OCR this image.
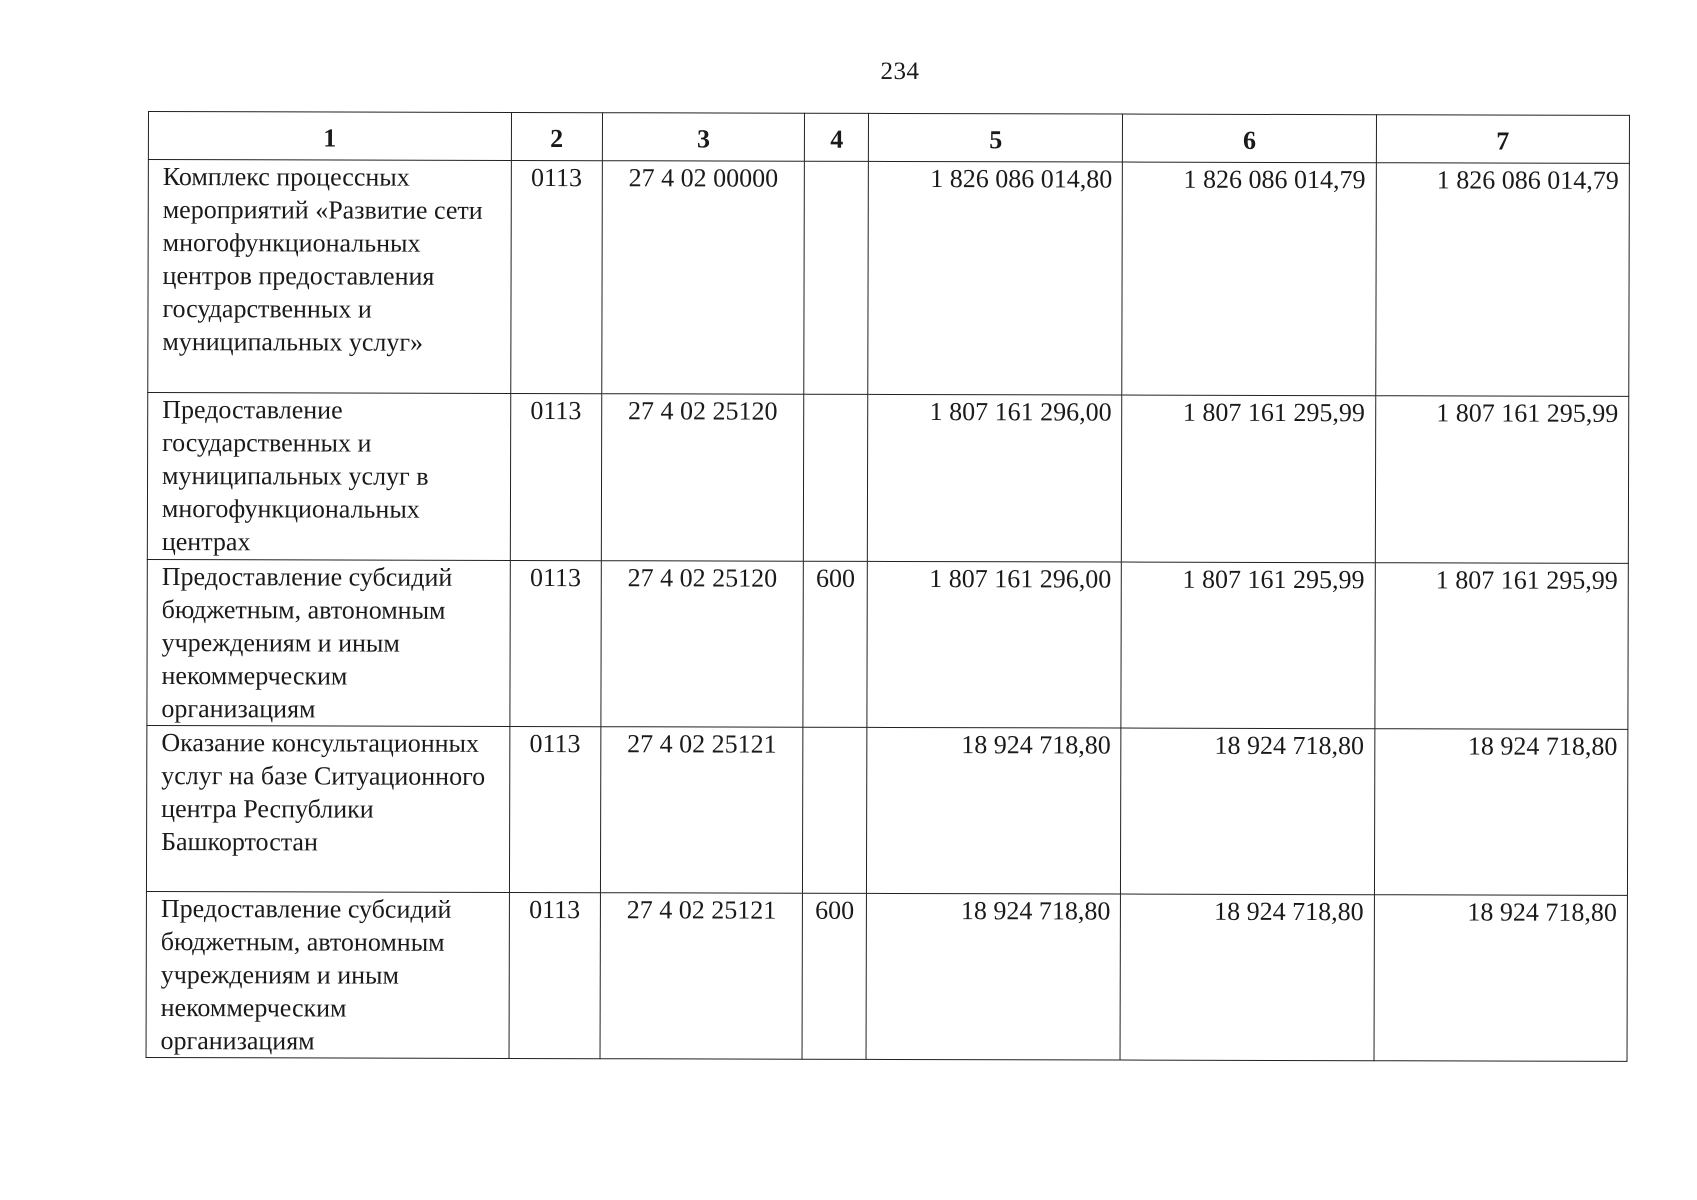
234
1	2	3	4	5	6	7
Комплекс процессных мероприятий «Развитие сети многофункциональных центров предоставления государственных и муниципальных услуг»	0113	27 4 02 00000		1 826 086 014,80	1 826 086 014,79	1 826 086 014,79
Предоставление государственных и муниципальных услуг в многофункциональных центрах	0113	27 4 02 25120		1 807 161 296,00	1 807 161 295,99	1 807 161 295,99
Предоставление субсидий бюджетным, автономным учреждениям и иным некоммерческим организациям	0113	27 4 02 25120	600	1 807 161 296,00	1 807 161 295,99	1 807 161 295,99
Оказание консультационных услуг на базе Ситуационного центра Республики Башкортостан	0113	27 4 02 25121		18 924 718,80	18 924 718,80	18 924 718,80
Предоставление субсидий бюджетным, автономным учреждениям и иным некоммерческим организациям	0113	27 4 02 25121	600	18 924 718,80	18 924 718,80	18 924 718,80
